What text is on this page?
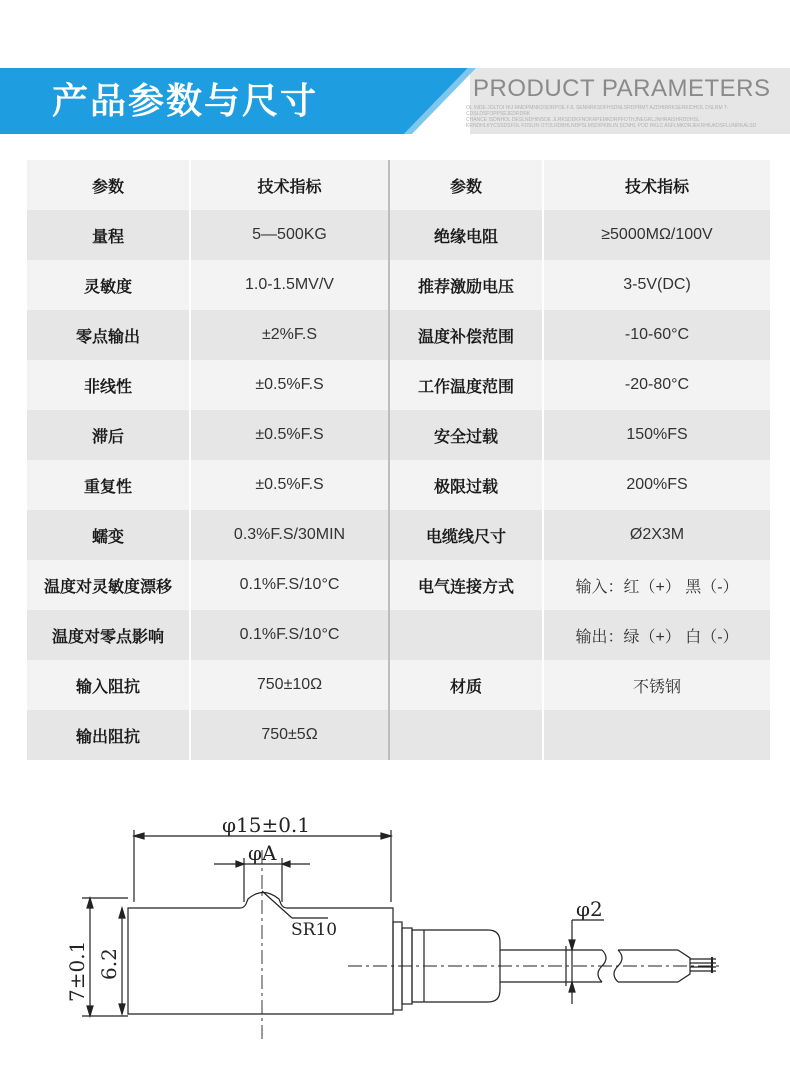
产品参数与尺寸	PRODUCT PARAMETERS
OL INDE JOLTOI HIJ RMDPMNKDSDRPOE FJL SENNRKSDFHSDNLSRDPRMT AZDHIRRKSERKIDHOL DSLRM T-CDSLDSFOPPSEJEDRDRK
CHANCE ISDNHOL DESLNDHINSDE JLRKSDDKFNOKRPEMKDRPFOTHJNEGRLJNHRAISHRDDHSL
KRNDHLKYCSSDSFOL FDSLIN OTOLRDBHLNDPSLMSDIPKBLIN SCNHL POD RKLC ASFLMKDRJEKRHIUKDSFLUNRKALSO
参数	技术指标	参数	技术指标
量程	5—500KG	绝缘电阻	≥5000MΩ/100V
灵敏度	1.0-1.5MV/V	推荐激励电压	3-5V(DC)
零点输出	±2%F.S	温度补偿范围	-10-60°C
非线性	±0.5%F.S	工作温度范围	-20-80°C
滞后	±0.5%F.S	安全过载	150%FS
重复性	±0.5%F.S	极限过载	200%FS
蠕变	0.3%F.S/30MIN	电缆线尺寸	Ø2X3M
温度对灵敏度漂移	0.1%F.S/10°C	电气连接方式	输入：红（+） 黑（-）
温度对零点影响	0.1%F.S/10°C		输出：绿（+） 白（-）
输入阻抗	750±10Ω	材质	不锈钢
输出阻抗	750±5Ω		
φ15±0.1
φA
SR10
7±0.1 6.2
φ2
